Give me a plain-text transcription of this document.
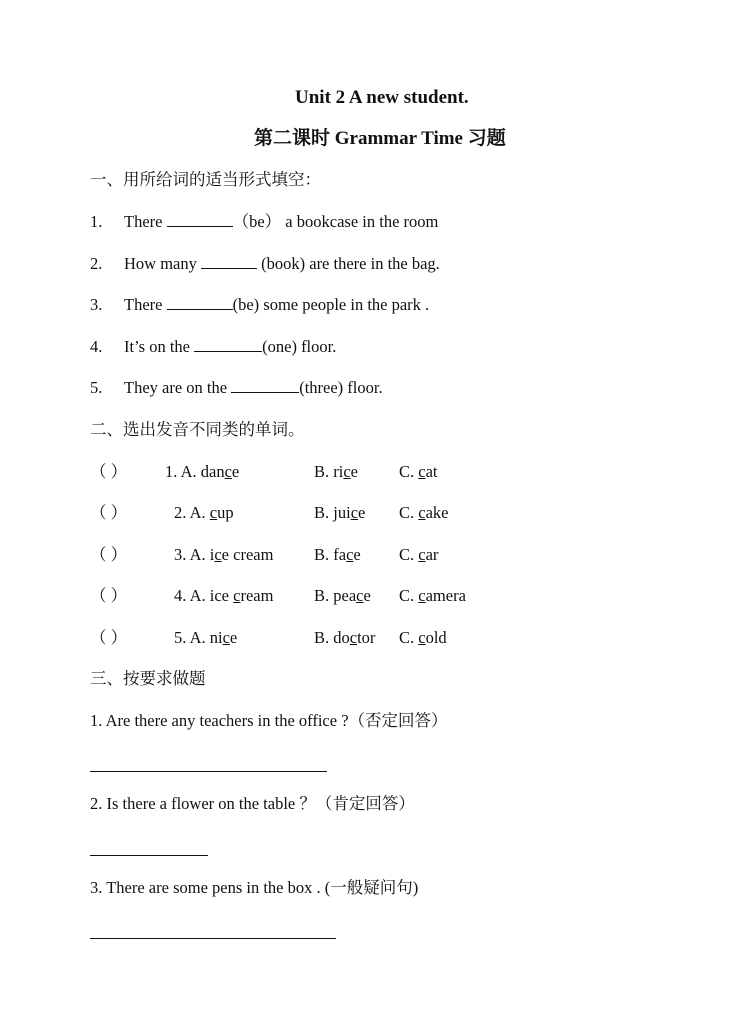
Unit 2 A new student.
第二课时 Grammar Time 习题
一、用所给词的适当形式填空：
1. There	（be） a bookcase in the room
2. How many	(book) are there in the bag.
3. There	(be) some people in the park .
4. It’s on the	(one) floor.
5. They are on the	(three) floor.
二、选出发音不同类的单词。
（ ） 1. A. dance	B. rice C. cat
（ ）	2. A. cup	B. juice C. cake
（ ）	3. A. ice cream B. face C. car
（ ）	4. A. ice cream B. peace C. camera
（ ）	5. A. nice	B. doctor C. cold
三、按要求做题
1. Are there any teachers in the office ?（否定回答）
2. Is there a flower on the table ？（肯定回答）
3. There are some pens in the box . (一般疑问句)
